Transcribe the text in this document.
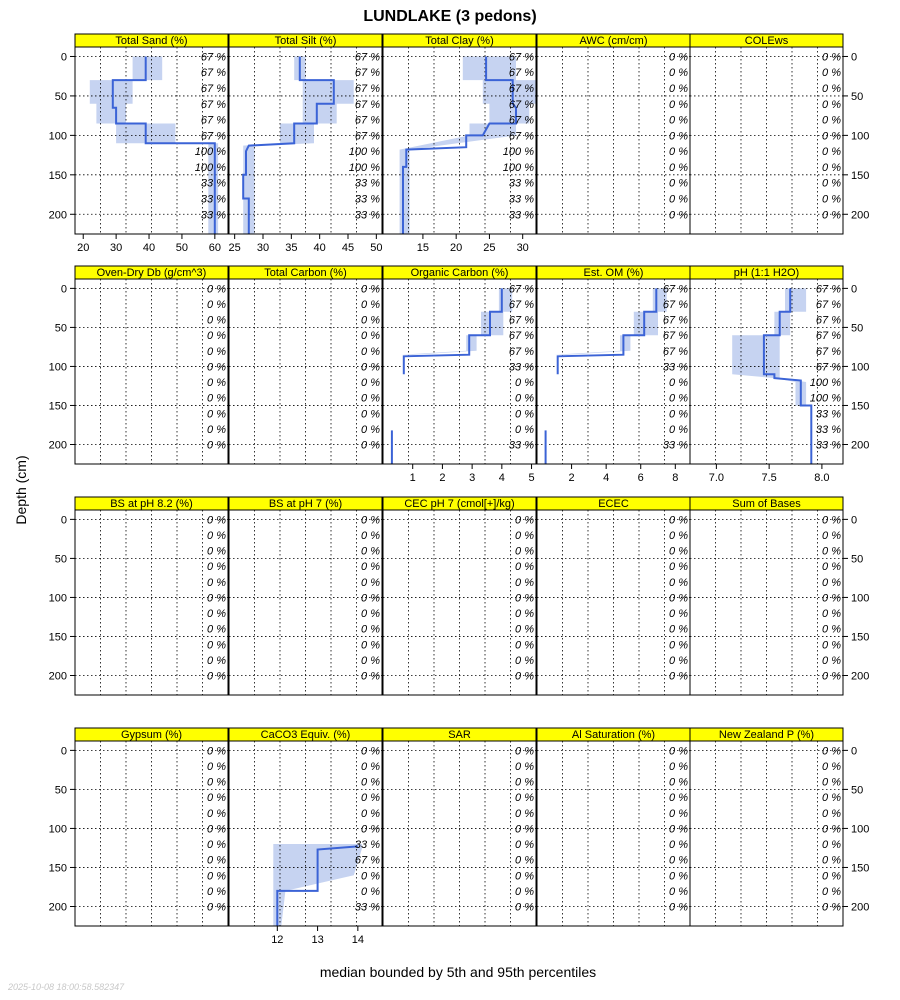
LUNDLAKE (3 pedons)
Total Sand (%)
67 %
67 %
67 %
67 %
67 %
67 %
100 %
100 %
33 %
33 %
33 %
20 30 40 50 60
0
50
100
150
200
Total Silt (%)
67 %
67 %
67 %
67 %
67 %
67 %
100 %
100 %
33 %
33 %
33 %
25 30 35 40 45 50
Total Clay (%)
67 %
67 %
67 %
67 %
67 %
67 %
100 %
100 %
33 %
33 %
33 %
15 20 25 30
AWC (cm/cm)
0 %
0 %
0 %
0 %
0 %
0 %
0 %
0 %
0 %
0 %
0 %
COLEws
0 %
0 %
0 %
0 %
0 %
0 %
0 %
0 %
0 %
0 %
0 %
0
50
100
150
200
Oven-Dry Db (g/cm^3)
0 %
0 %
0 %
0 %
0 %
0 %
0 %
0 %
0 %
0 %
0 %
0
50
100
150
200
Total Carbon (%)
0 %
0 %
0 %
0 %
0 %
0 %
0 %
0 %
0 %
0 %
0 %
Organic Carbon (%)
67 %
67 %
67 %
67 %
67 %
33 %
0 %
0 %
0 %
0 %
33 %
1 2 3 4 5
Est. OM (%)
67 %
67 %
67 %
67 %
67 %
33 %
0 %
0 %
0 %
0 %
33 %
2	4	6	8
pH (1:1 H2O)
67 %
67 %
67 %
67 %
67 %
67 %
100 %
100 %
33 %
33 %
33 %
7.0	7.5	8.0
0
50
100
150
200
BS at pH 8.2 (%)
0 %
0 %
0 %
0 %
0 %
0 %
0 %
0 %
0 %
0 %
0 %
0
50
100
150
200
BS at pH 7 (%)
0 %
0 %
0 %
0 %
0 %
0 %
0 %
0 %
0 %
0 %
0 %
CEC pH 7 (cmol[+]/kg)
0 %
0 %
0 %
0 %
0 %
0 %
0 %
0 %
0 %
0 %
0 %
ECEC
0 %
0 %
0 %
0 %
0 %
0 %
0 %
0 %
0 %
0 %
0 %
Sum of Bases
0 %
0 %
0 %
0 %
0 %
0 %
0 %
0 %
0 %
0 %
0 %
0
50
100
150
200
Gypsum (%)
0 %
0 %
0 %
0 %
0 %
0 %
0 %
0 %
0 %
0 %
0 %
0
50
100
150
200
CaCO3 Equiv. (%)
0 %
0 %
0 %
0 %
0 %
0 %
33 %
67 %
0 %
0 %
33 %
12	13	14
SAR
0 %
0 %
0 %
0 %
0 %
0 %
0 %
0 %
0 %
0 %
0 %
Al Saturation (%)
0 %
0 %
0 %
0 %
0 %
0 %
0 %
0 %
0 %
0 %
0 %
New Zealand P (%)
0 %
0 %
0 %
0 %
0 %
0 %
0 %
0 %
0 %
0 %
0 %
0
50
100
150
200
Depth (cm)
median bounded by 5th and 95th percentiles
2025-10-08 18:00:58.582347
